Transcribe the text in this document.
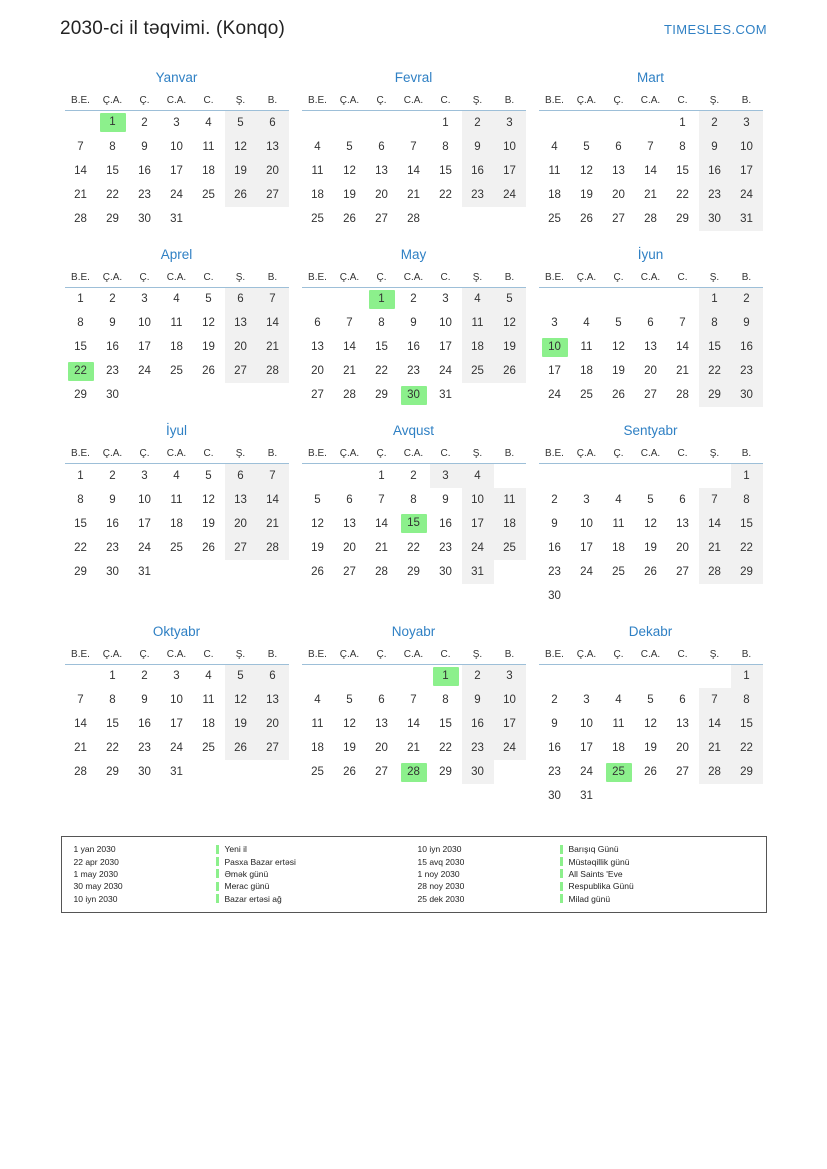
2030-ci il təqvimi. (Konqo)	TIMESLES.COM
Yanvar
B.E.	Ç.A.	Ç.	C.A.	C.	Ş.	B.
	1	2	3	4	5	6
7	8	9	10	11	12	13
14	15	16	17	18	19	20
21	22	23	24	25	26	27
28	29	30	31			
Fevral
B.E.	Ç.A.	Ç.	C.A.	C.	Ş.	B.
				1	2	3
4	5	6	7	8	9	10
11	12	13	14	15	16	17
18	19	20	21	22	23	24
25	26	27	28			
Mart
B.E.	Ç.A.	Ç.	C.A.	C.	Ş.	B.
				1	2	3
4	5	6	7	8	9	10
11	12	13	14	15	16	17
18	19	20	21	22	23	24
25	26	27	28	29	30	31
Aprel
B.E.	Ç.A.	Ç.	C.A.	C.	Ş.	B.
1	2	3	4	5	6	7
8	9	10	11	12	13	14
15	16	17	18	19	20	21
22	23	24	25	26	27	28
29	30					
May
B.E.	Ç.A.	Ç.	C.A.	C.	Ş.	B.
		1	2	3	4	5
6	7	8	9	10	11	12
13	14	15	16	17	18	19
20	21	22	23	24	25	26
27	28	29	30	31		
İyun
B.E.	Ç.A.	Ç.	C.A.	C.	Ş.	B.
					1	2
3	4	5	6	7	8	9
10	11	12	13	14	15	16
17	18	19	20	21	22	23
24	25	26	27	28	29	30
İyul
B.E.	Ç.A.	Ç.	C.A.	C.	Ş.	B.
1	2	3	4	5	6	7
8	9	10	11	12	13	14
15	16	17	18	19	20	21
22	23	24	25	26	27	28
29	30	31				
Avqust
B.E.	Ç.A.	Ç.	C.A.	C.	Ş.	B.
		1	2	3	4	
5	6	7	8	9	10	11
12	13	14	15	16	17	18
19	20	21	22	23	24	25
26	27	28	29	30	31	
Sentyabr
B.E.	Ç.A.	Ç.	C.A.	C.	Ş.	B.
						1
2	3	4	5	6	7	8
9	10	11	12	13	14	15
16	17	18	19	20	21	22
23	24	25	26	27	28	29
30						
Oktyabr
B.E.	Ç.A.	Ç.	C.A.	C.	Ş.	B.
	1	2	3	4	5	6
7	8	9	10	11	12	13
14	15	16	17	18	19	20
21	22	23	24	25	26	27
28	29	30	31			
Noyabr
B.E.	Ç.A.	Ç.	C.A.	C.	Ş.	B.
				1	2	3
4	5	6	7	8	9	10
11	12	13	14	15	16	17
18	19	20	21	22	23	24
25	26	27	28	29	30	
Dekabr
B.E.	Ç.A.	Ç.	C.A.	C.	Ş.	B.
						1
2	3	4	5	6	7	8
9	10	11	12	13	14	15
16	17	18	19	20	21	22
23	24	25	26	27	28	29
30	31					
1 yan 2030	Yeni il
22 apr 2030	Pasxa Bazar ertəsi
1 may 2030	Əmək günü
30 may 2030	Merac günü
10 iyn 2030	Bazar ertəsi ağ
10 iyn 2030	Barışıq Günü
15 avq 2030	Müstəqillik günü
1 noy 2030	All Saints 'Eve
28 noy 2030	Respublika Günü
25 dek 2030	Milad günü
